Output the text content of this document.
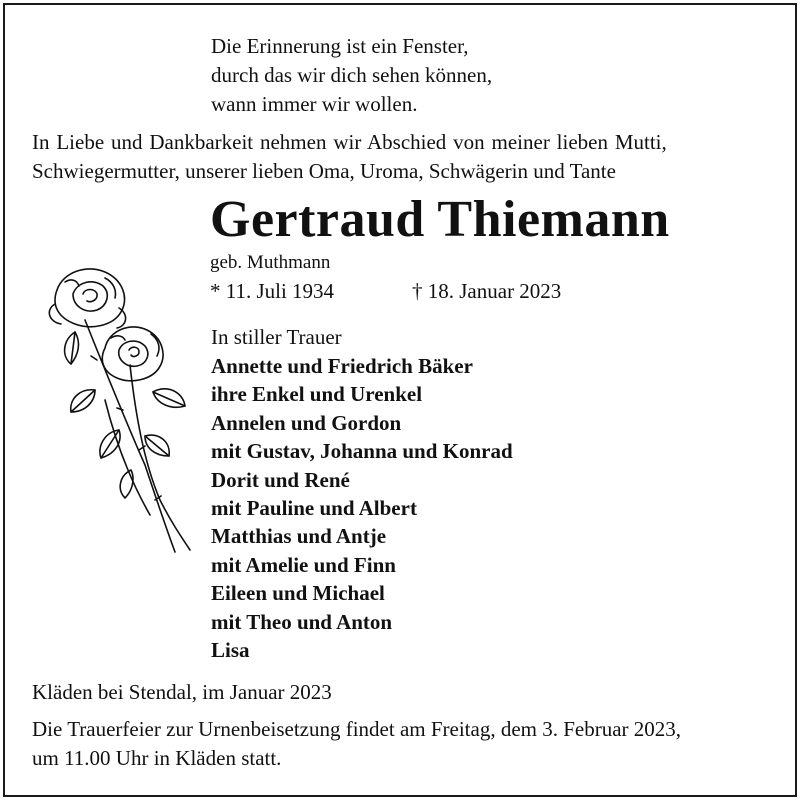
Die Erinnerung ist ein Fenster,

durch das wir dich sehen können,

wann immer wir wollen.

In Liebe und Dankbarkeit nehmen wir Abschied von meiner lieben Mutti,

Schwiegermutter, unserer lieben Oma, Uroma, Schwägerin und Tante

Gertraud Thiemann
geb. Muthmann
* 11. Juli 1934	† 18. Januar 2023
In stiller Trauer
Annette und Friedrich Bäker
ihre Enkel und Urenkel
Annelen und Gordon
mit Gustav, Johanna und Konrad
Dorit und René
mit Pauline und Albert
Matthias und Antje
mit Amelie und Finn
Eileen und Michael
mit Theo und Anton
Lisa
Kläden bei Stendal, im Januar 2023

Die Trauerfeier zur Urnenbeisetzung findet am Freitag, dem 3. Februar 2023,

um 11.00 Uhr in Kläden statt.
